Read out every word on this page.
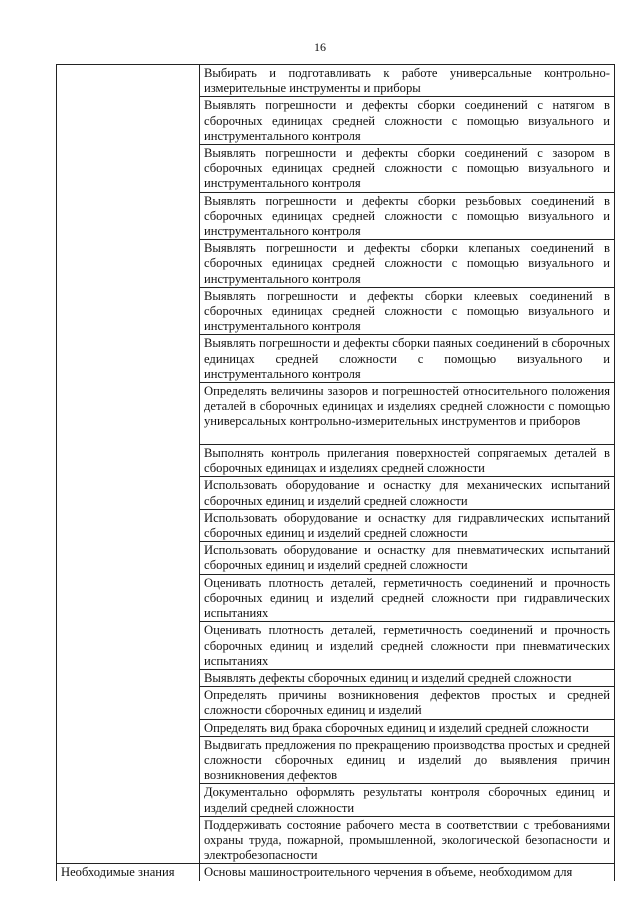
16
	Выбирать и подготавливать к работе универсальные контрольно-измерительные инструменты и приборы
	Выявлять погрешности и дефекты сборки соединений с натягом в сборочных единицах средней сложности с помощью визуального и инструментального контроля
	Выявлять погрешности и дефекты сборки соединений с зазором в сборочных единицах средней сложности с помощью визуального и инструментального контроля
	Выявлять погрешности и дефекты сборки резьбовых соединений в сборочных единицах средней сложности с помощью визуального и инструментального контроля
	Выявлять погрешности и дефекты сборки клепаных соединений в сборочных единицах средней сложности с помощью визуального и инструментального контроля
	Выявлять погрешности и дефекты сборки клеевых соединений в сборочных единицах средней сложности с помощью визуального и инструментального контроля
	Выявлять погрешности и дефекты сборки паяных соединений в сборочных единицах средней сложности с помощью визуального и инструментального контроля
	Определять величины зазоров и погрешностей относительного положения деталей в сборочных единицах и изделиях средней сложности с помощью универсальных контрольно-измерительных инструментов и приборов
	Выполнять контроль прилегания поверхностей сопрягаемых деталей в сборочных единицах и изделиях средней сложности
	Использовать оборудование и оснастку для механических испытаний сборочных единиц и изделий средней сложности
	Использовать оборудование и оснастку для гидравлических испытаний сборочных единиц и изделий средней сложности
	Использовать оборудование и оснастку для пневматических испытаний сборочных единиц и изделий средней сложности
	Оценивать плотность деталей, герметичность соединений и прочность сборочных единиц и изделий средней сложности при гидравлических испытаниях
	Оценивать плотность деталей, герметичность соединений и прочность сборочных единиц и изделий средней сложности при пневматических испытаниях
	Выявлять дефекты сборочных единиц и изделий средней сложности
	Определять причины возникновения дефектов простых и средней сложности сборочных единиц и изделий
	Определять вид брака сборочных единиц и изделий средней сложности
	Выдвигать предложения по прекращению производства простых и средней сложности сборочных единиц и изделий до выявления причин возникновения дефектов
	Документально оформлять результаты контроля сборочных единиц и изделий средней сложности
	Поддерживать состояние рабочего места в соответствии с требованиями охраны труда, пожарной, промышленной, экологической безопасности и электробезопасности
Необходимые знания	Основы машиностроительного черчения в объеме, необходимом для
